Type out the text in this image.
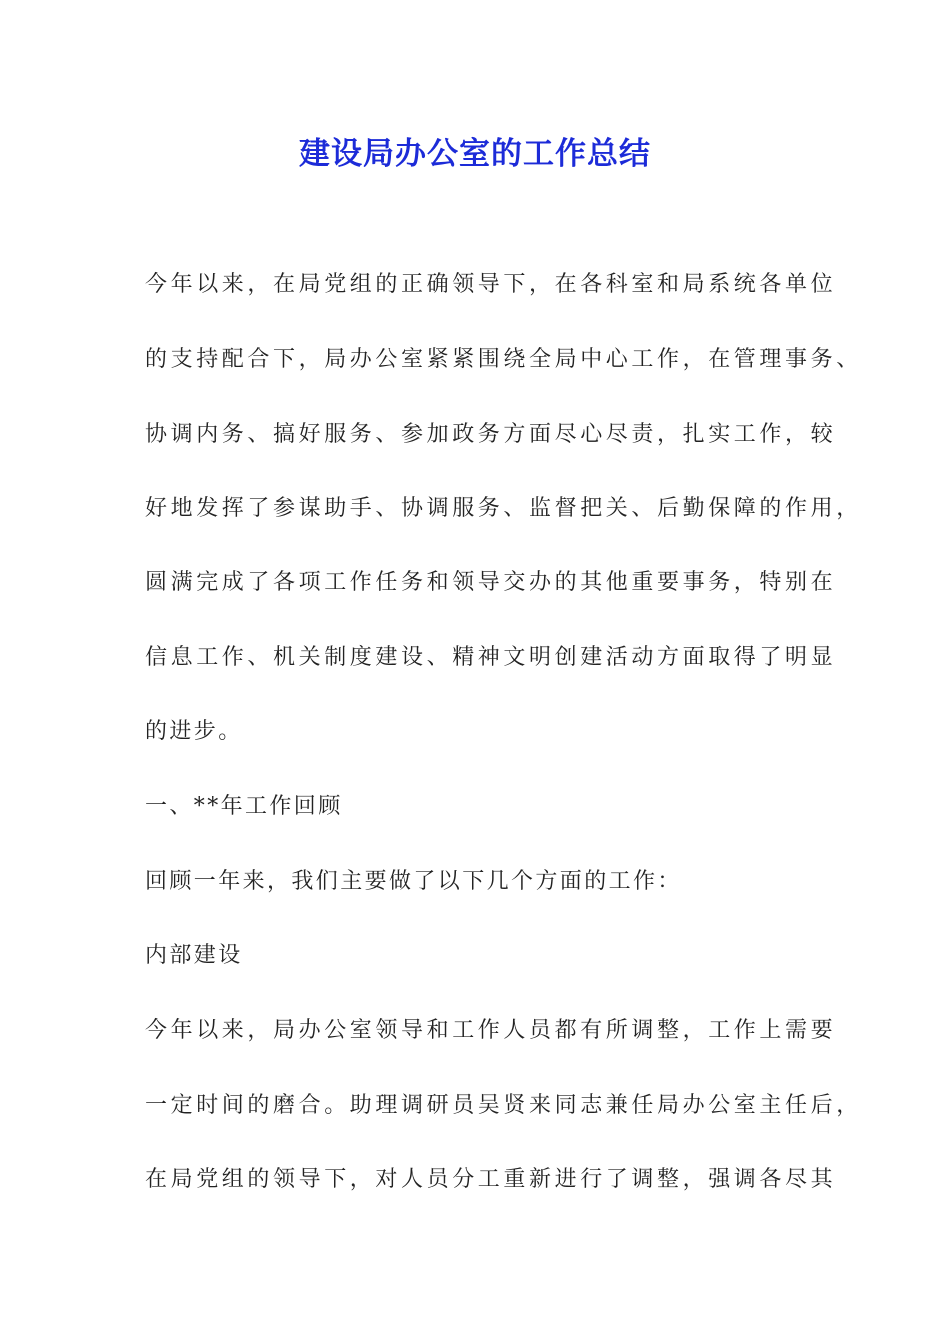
建设局办公室的工作总结
今年以来，在局党组的正确领导下，在各科室和局系统各单位
的支持配合下，局办公室紧紧围绕全局中心工作，在管理事务、
协调内务、搞好服务、参加政务方面尽心尽责，扎实工作，较
好地发挥了参谋助手、协调服务、监督把关、后勤保障的作用，
圆满完成了各项工作任务和领导交办的其他重要事务，特别在
信息工作、机关制度建设、精神文明创建活动方面取得了明显
的进步。
一、**年工作回顾
回顾一年来，我们主要做了以下几个方面的工作：
内部建设
今年以来，局办公室领导和工作人员都有所调整，工作上需要
一定时间的磨合。助理调研员吴贤来同志兼任局办公室主任后，
在局党组的领导下，对人员分工重新进行了调整，强调各尽其
